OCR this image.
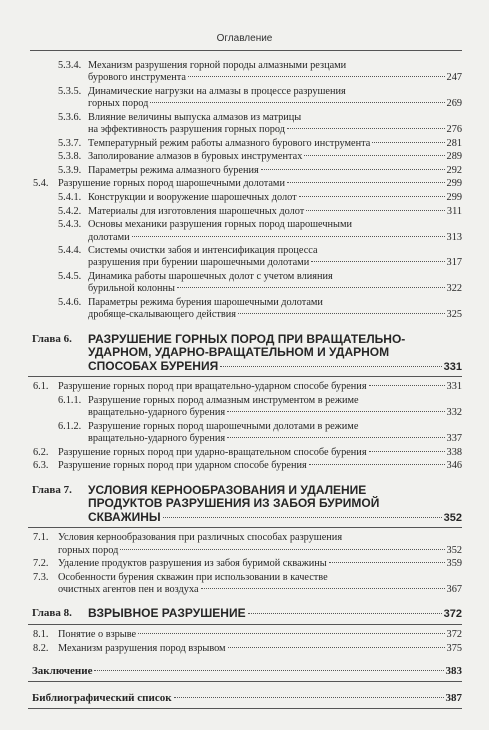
Оглавление
5.3.4. Механизм разрушения горной породы алмазными резцами
бурового инструмента	247
5.3.5. Динамические нагрузки на алмазы в процессе разрушения
горных пород	269
5.3.6. Влияние величины выпуска алмазов из матрицы
на эффективность разрушения горных пород	276
5.3.7. Температурный режим работы алмазного бурового инструмента	281
5.3.8. Заполирование алмазов в буровых инструментах	289
5.3.9. Параметры режима алмазного бурения	292
5.4. Разрушение горных пород шарошечными долотами	299
5.4.1. Конструкции и вооружение шарошечных долот	299
5.4.2. Материалы для изготовления шарошечных долот	311
5.4.3. Основы механики разрушения горных пород шарошечными
долотами	313
5.4.4. Системы очистки забоя и интенсификация процесса
разрушения при бурении шарошечными долотами	317
5.4.5. Динамика работы шарошечных долот с учетом влияния
бурильной колонны	322
5.4.6. Параметры режима бурения шарошечными долотами
дробяще-скалывающего действия	325
Глава 6. РАЗРУШЕНИЕ ГОРНЫХ ПОРОД ПРИ ВРАЩАТЕЛЬНО-
УДАРНОМ, УДАРНО-ВРАЩАТЕЛЬНОМ И УДАРНОМ
СПОСОБАХ БУРЕНИЯ	331
6.1. Разрушение горных пород при вращательно-ударном способе бурения	331
6.1.1. Разрушение горных пород алмазным инструментом в режиме
вращательно-ударного бурения	332
6.1.2. Разрушение горных пород шарошечными долотами в режиме
вращательно-ударного бурения	337
6.2. Разрушение горных пород при ударно-вращательном способе бурения	338
6.3. Разрушение горных пород при ударном способе бурения	346
Глава 7. УСЛОВИЯ КЕРНООБРАЗОВАНИЯ И УДАЛЕНИЕ
ПРОДУКТОВ РАЗРУШЕНИЯ ИЗ ЗАБОЯ БУРИМОЙ
СКВАЖИНЫ	352
7.1. Условия кернообразования при различных способах разрушения
горных пород	352
7.2. Удаление продуктов разрушения из забоя буримой скважины	359
7.3. Особенности бурения скважин при использовании в качестве
очистных агентов пен и воздуха	367
Глава 8. ВЗРЫВНОЕ РАЗРУШЕНИЕ	372
8.1. Понятие о взрыве	372
8.2. Механизм разрушения пород взрывом	375
Заключение	383
Библиографический список	387
